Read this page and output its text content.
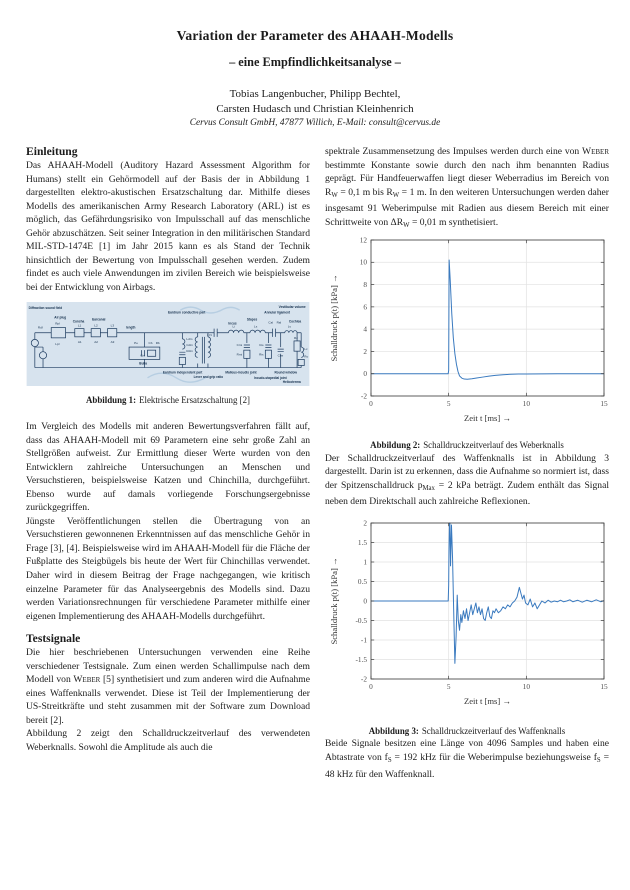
Variation der Parameter des AHAAH-Modells
– eine Empfindlichkeitsanalyse –
Tobias Langenbucher, Philipp Bechtel,
Carsten Hudasch und Christian Kleinhenrich
Cervus Consult GmbH, 47877 Willich, E-Mail: consult@cervus.de
Einleitung

Das AHAAH-Modell (Auditory Hazard Assessment Algorithm for Humans) stellt ein Gehörmodell auf der Basis der in Abbildung 1 dargestellten elektro-akustischen Ersatzschaltung dar. Mithilfe dieses Modells des amerikanischen Army Research Laboratory (ARL) ist es möglich, das Gefährdungsrisiko von Impulsschall auf das menschliche Gehör abzuschätzen. Seit seiner Integration in den militärischen Standard MIL-STD-1474E [1] im Jahr 2015 kann es als Stand der Technik hinsichtlich der Bewertung von Impulsschall gesehen werden. Zudem findet es auch viele Anwendungen im zivilen Bereich wie beispielsweise bei der Entwicklung von Airbags.

Diffraction sound field
Air plug
Concha
Earcanal
length
Eardrum conductive part
Bulla
Eardrum independent part
Lever and grip ratio
Malleus-incudis joint
Incus
Stapes
Incudo-stapedial joint
Annular ligament
Round window
Vestibular volume
Cochlea
Helicotrema
Rdf
Rpl
Lpl
L1
A1
L2
A2
L3
A3	Pe	Cb Rb
Cm
Ldm
Cdm
Rdm
1:N
Li
Cmi
Rmi
Ls
Cis
Ris
Cal Ral
Crw
Lv
Rc
Lc
Ro
Abbildung 1: Elektrische Ersatzschaltung [2]

Im Vergleich des Modells mit anderen Bewertungsverfahren fällt auf, dass das AHAAH-Modell mit 69 Parametern eine sehr große Zahl an Stellgrößen aufweist. Zur Ermittlung dieser Werte wurden von den Entwicklern zahlreiche Untersuchungen an Menschen und Versuchstieren, beispielsweise Katzen und Chinchilla, durchgeführt. Ebenso wurde auf damals vorliegende Forschungsergebnisse zurückgegriffen.

Jüngste Veröffentlichungen stellen die Übertragung von an Versuchstieren gewonnenen Erkenntnissen auf das menschliche Gehör in Frage [3], [4]. Beispielsweise wird im AHAAH-Modell für die Fläche der Fußplatte des Steigbügels bis heute der Wert für Chinchillas verwendet. Daher wird in diesem Beitrag der Frage nachgegangen, wie kritisch einzelne Parameter für das Analyseergebnis des Modells sind. Dazu werden Variationsrechnungen für verschiedene Parameter mithilfe einer eigenen Implementierung des AHAAH-Modells durchgeführt.

Testsignale

Die hier beschriebenen Untersuchungen verwenden eine Reihe verschiedener Testsignale. Zum einen werden Schallimpulse nach dem Modell von Weber [5] synthetisiert und zum anderen wird die Aufnahme eines Waffenknalls verwendet. Diese ist Teil der Implementierung der US-Streitkräfte und steht zusammen mit der Software zum Download bereit [2].

Abbildung 2 zeigt den Schalldruckzeitverlauf des verwendeten Weberknalls. Sowohl die Amplitude als auch die

spektrale Zusammensetzung des Impulses werden durch eine von Weber bestimmte Konstante sowie durch den nach ihm benannten Radius geprägt. Für Handfeuerwaffen liegt dieser Weberradius im Bereich von $R_W = 0,1$ m bis $R_W = 1$ m. In den weiteren Untersuchungen werden daher insgesamt 91 Weberimpulse mit Radien aus diesem Bereich mit einer Schrittweite von $\Delta R_W = 0,01$ m synthetisiert.

0	5	10	15
-2
0
2
4
6
8
10
12
Zeit t [ms] →
Schalldruck p(t) [kPa] →
Abbildung 2: Schalldruckzeitverlauf des Weberknalls

Der Schalldruckzeitverlauf des Waffenknalls ist in Abbildung 3 dargestellt. Darin ist zu erkennen, dass die Aufnahme so normiert ist, dass der Spitzenschalldruck $p_{Max} = 2$ kPa beträgt. Zudem enthält das Signal neben dem Direktschall auch zahlreiche Reflexionen.

0	5	10	15
-2
-1.5
-1
-0.5
0
0.5
1
1.5
2
Zeit t [ms] →
Schalldruck p(t) [kPa] →
Abbildung 3: Schalldruckzeitverlauf des Waffenknalls

Beide Signale besitzen eine Länge von 4096 Samples und haben eine Abtastrate von $f_S = 192$ kHz für die Weberimpulse beziehungsweise $f_S = 48$ kHz für den Waffenknall.
